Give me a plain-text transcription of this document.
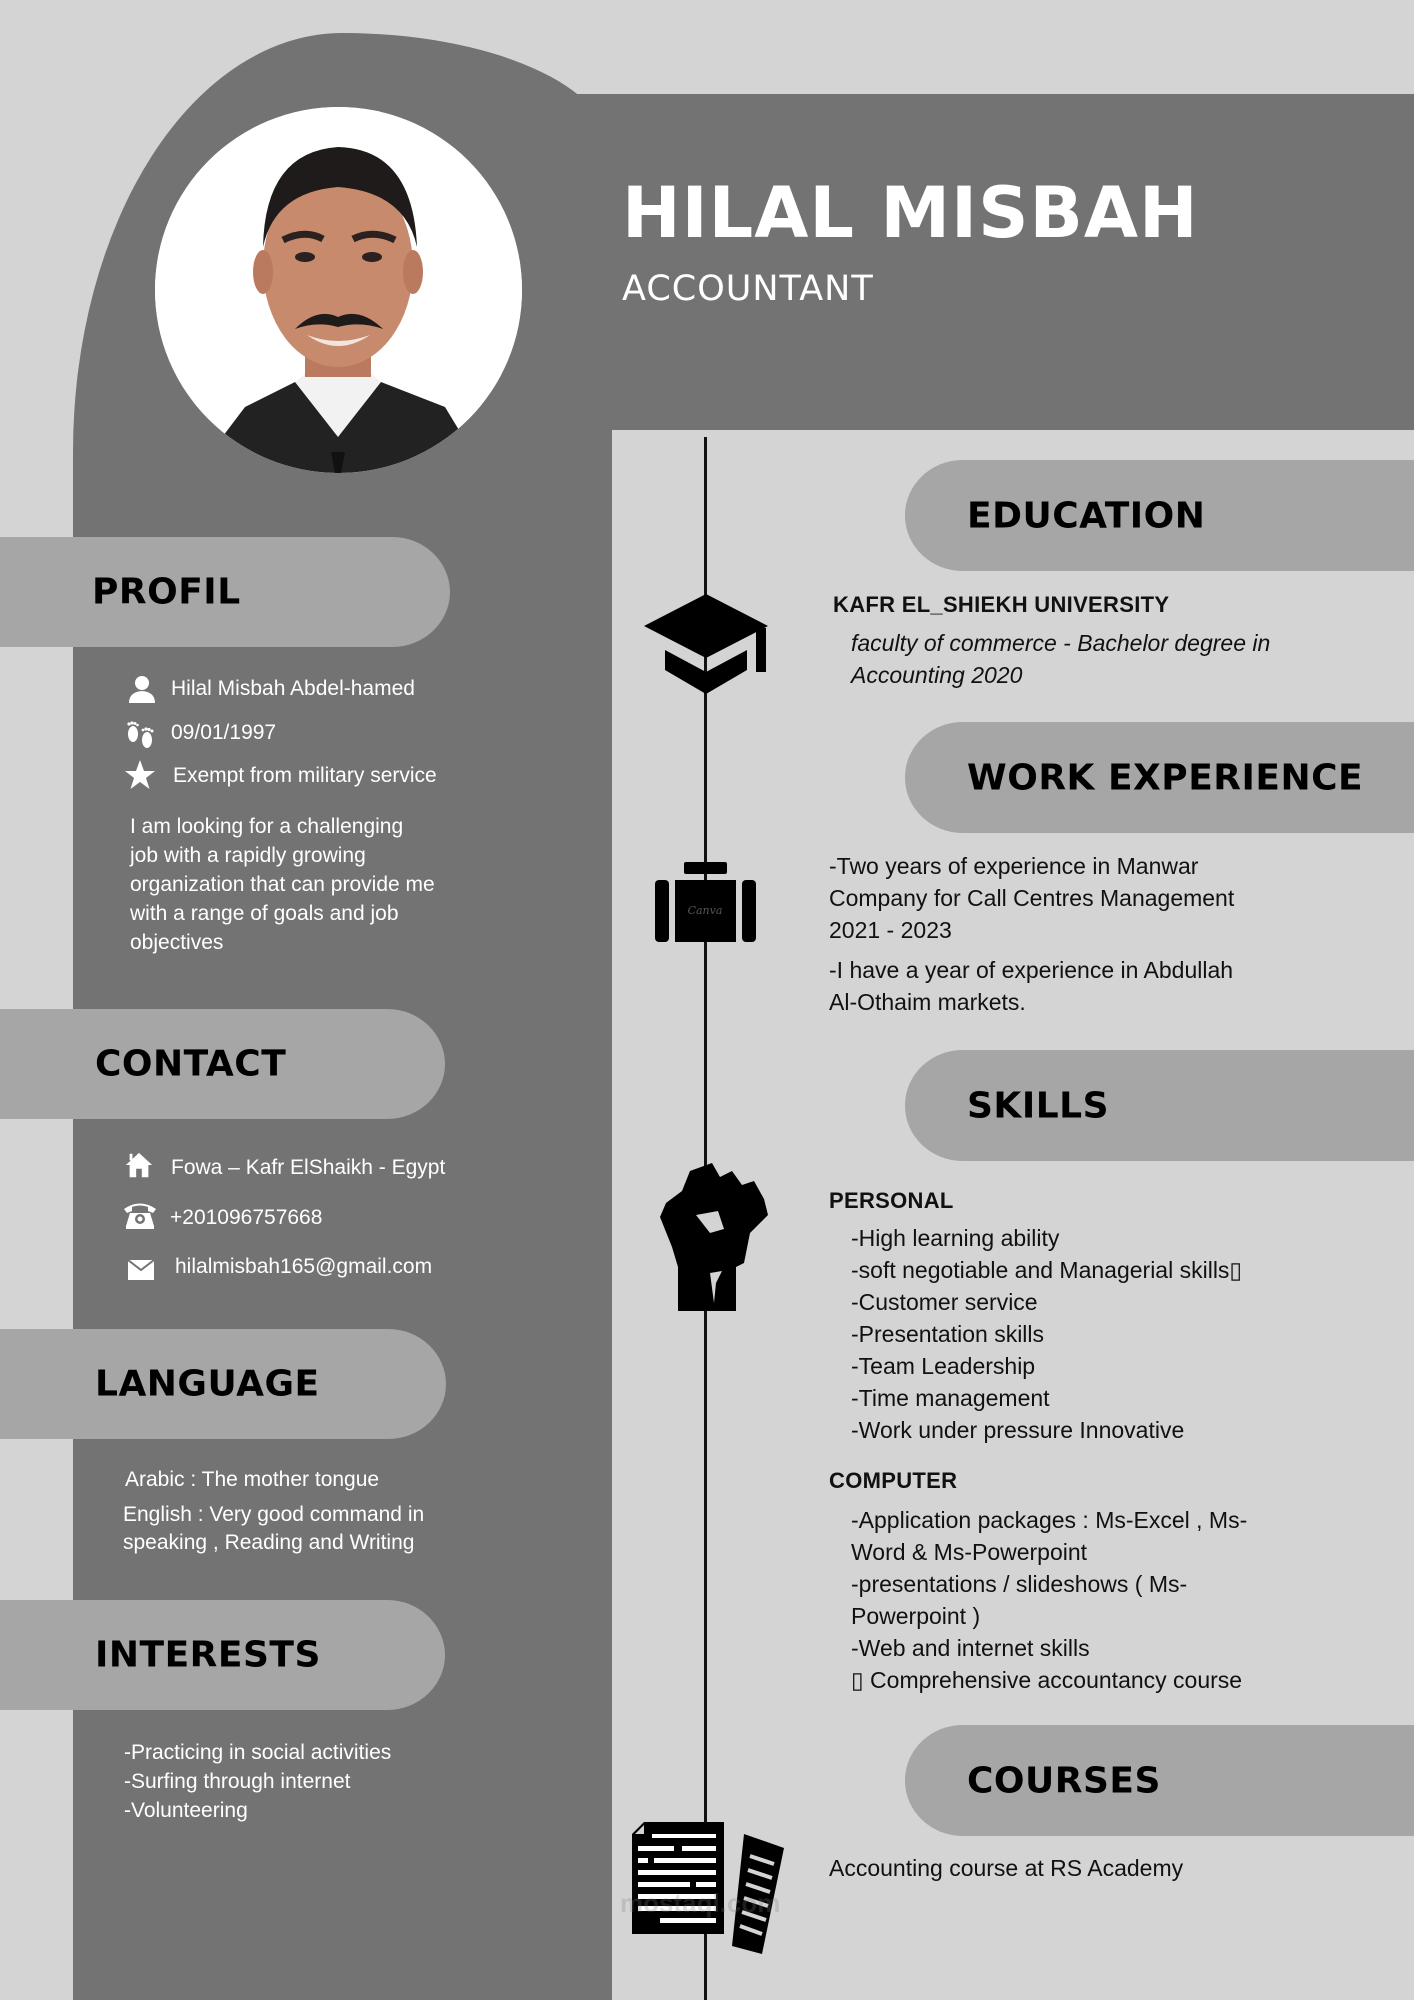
HILAL MISBAH
ACCOUNTANT
PROFIL
Hilal Misbah Abdel-hamed
09/01/1997
Exempt from military service
I am looking for a challenging
job with a rapidly growing
organization that can provide me
with a range of goals and job
objectives
CONTACT
Fowa – Kafr ElShaikh - Egypt
+201096757668
hilalmisbah165@gmail.com
LANGUAGE
Arabic : The mother tongue
English : Very good command in
speaking , Reading and Writing
INTERESTS
-Practicing in social activities
-Surfing through internet
-Volunteering
EDUCATION
KAFR EL_SHIEKH UNIVERSITY
faculty of commerce - Bachelor degree in
Accounting 2020
WORK EXPERIENCE
Canva
-Two years of experience in Manwar
Company for Call Centres Management
2021 - 2023
-I have a year of experience in Abdullah
Al-Othaim markets.
SKILLS
PERSONAL
-High learning ability
-soft negotiable and Managerial skills▯
-Customer service
-Presentation skills
-Team Leadership
-Time management
-Work under pressure Innovative
COMPUTER
-Application packages : Ms-Excel , Ms-
Word & Ms-Powerpoint
-presentations / slideshows ( Ms-
Powerpoint )
-Web and internet skills
▯ Comprehensive accountancy course
COURSES
Accounting course at RS Academy
mostaql.com
